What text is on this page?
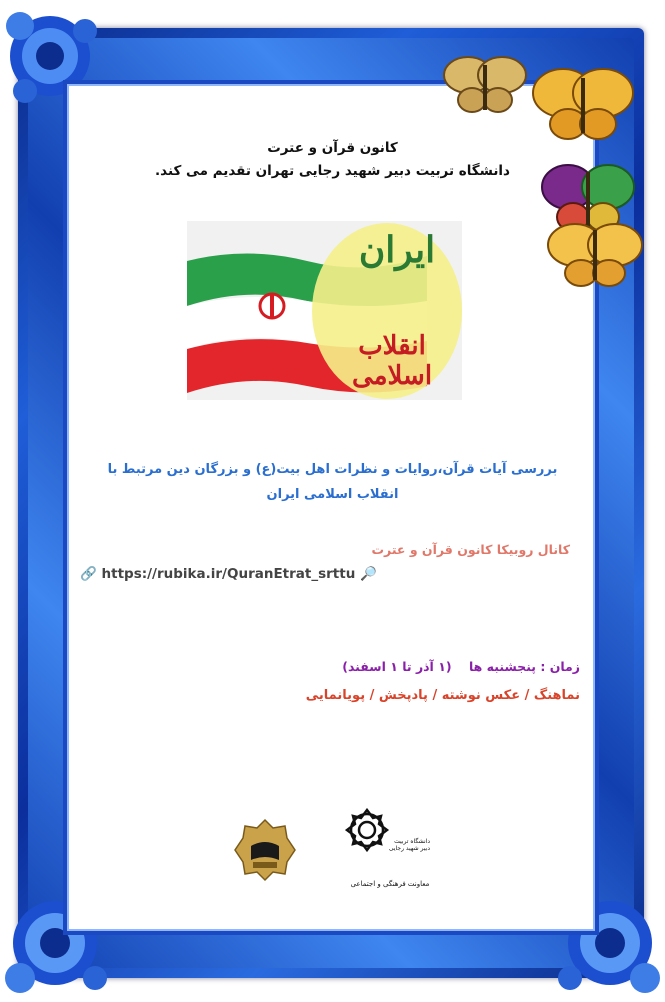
کانون قرآن و عترت
دانشگاه تربیت دبیر شهید رجایی تهران تقدیم می کند.
ایران
انقلاب اسلامی
بررسی آیات قرآن،روایات و نظرات اهل بیت(ع) و بزرگان دین مرتبط با
انقلاب اسلامی ایران
کانال روبیکا کانون قرآن و عترت
🔗 https://rubika.ir/QuranEtrat_srttu 🔎
زمان : پنجشنبه ها    (۱ آذر تا ۱ اسفند)
نماهنگ / عکس نوشته / پادپخش / پویانمایی
دانشگاه تربیت دبیر شهید رجایی
معاونت فرهنگی و اجتماعی
